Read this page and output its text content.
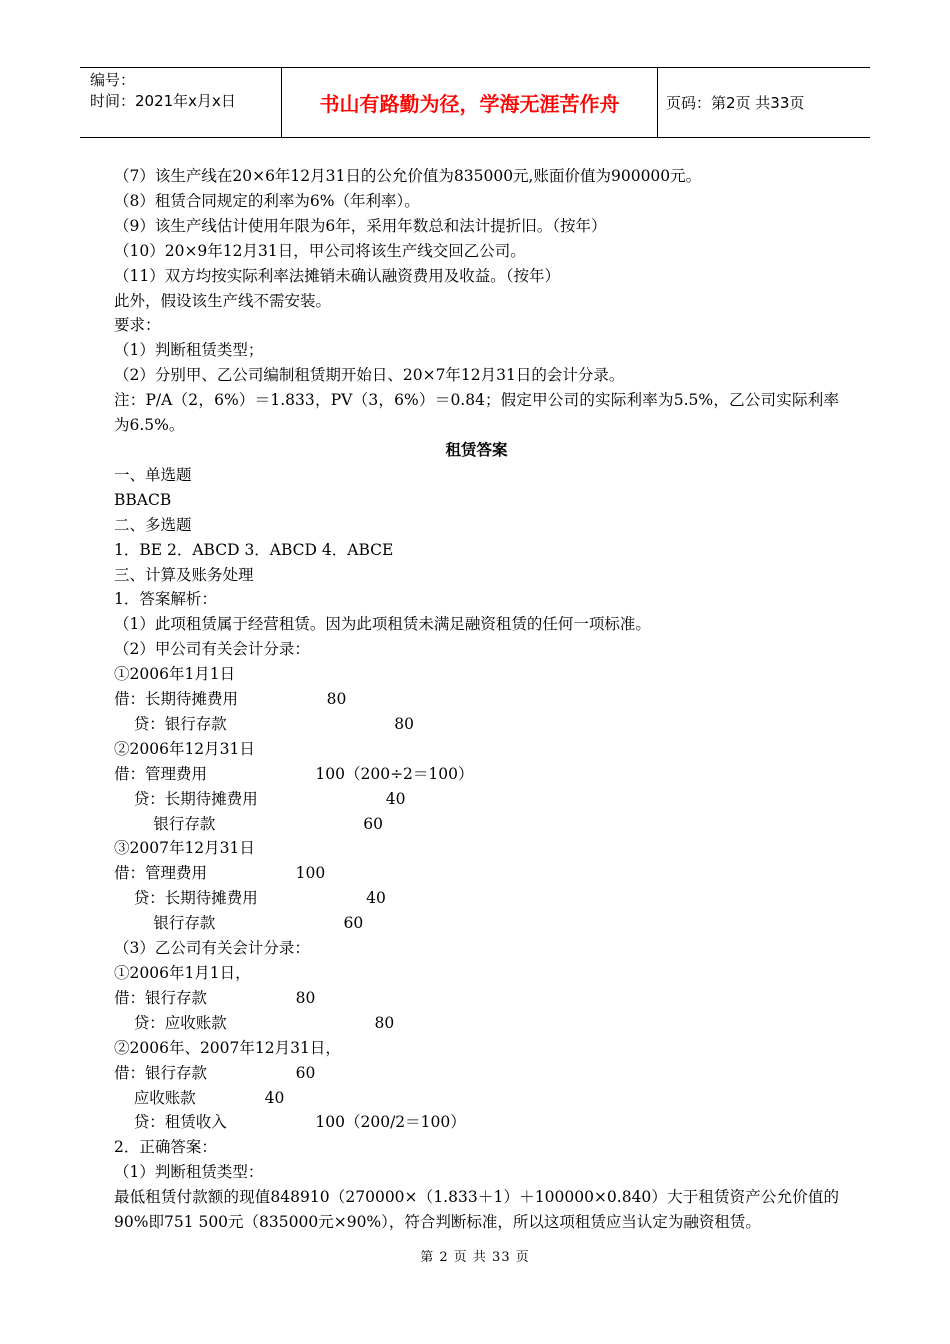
编号：
时间：2021年x月x日	书山有路勤为径，学海无涯苦作舟	页码：第2页 共33页
（7）该生产线在20×6年12月31日的公允价值为835000元,账面价值为900000元。
（8）租赁合同规定的利率为6%（年利率）。
（9）该生产线估计使用年限为6年，采用年数总和法计提折旧。（按年）
（10）20×9年12月31日，甲公司将该生产线交回乙公司。
（11）双方均按实际利率法摊销未确认融资费用及收益。（按年）
此外，假设该生产线不需安装。
要求：
（1）判断租赁类型；
（2）分别甲、乙公司编制租赁期开始日、20×7年12月31日的会计分录。
注：P/A（2，6%）＝1.833，PV（3，6%）＝0.84；假定甲公司的实际利率为5.5%，乙公司实际利率为6.5%。
租赁答案
一、单选题
BBACB
二、多选题
1．BE 2．ABCD 3．ABCD 4．ABCE
三、计算及账务处理
1．答案解析：
（1）此项租赁属于经营租赁。因为此项租赁未满足融资租赁的任何一项标准。
（2）甲公司有关会计分录：
①2006年1月1日
借：长期待摊费用                  80
贷：银行存款                                  80
②2006年12月31日
借：管理费用                      100（200÷2＝100）
贷：长期待摊费用                          40
银行存款                              60
③2007年12月31日
借：管理费用                  100
贷：长期待摊费用                      40
银行存款                          60
（3）乙公司有关会计分录：
①2006年1月1日，
借：银行存款                  80
贷：应收账款                              80
②2006年、2007年12月31日，
借：银行存款                  60
应收账款              40
贷：租赁收入                  100（200/2＝100）
2．正确答案：
（1）判断租赁类型：
最低租赁付款额的现值848910（270000×（1.833＋1）＋100000×0.840）大于租赁资产公允价值的90%即751 500元（835000元×90%），符合判断标准，所以这项租赁应当认定为融资租赁。
第 2 页 共 33 页
